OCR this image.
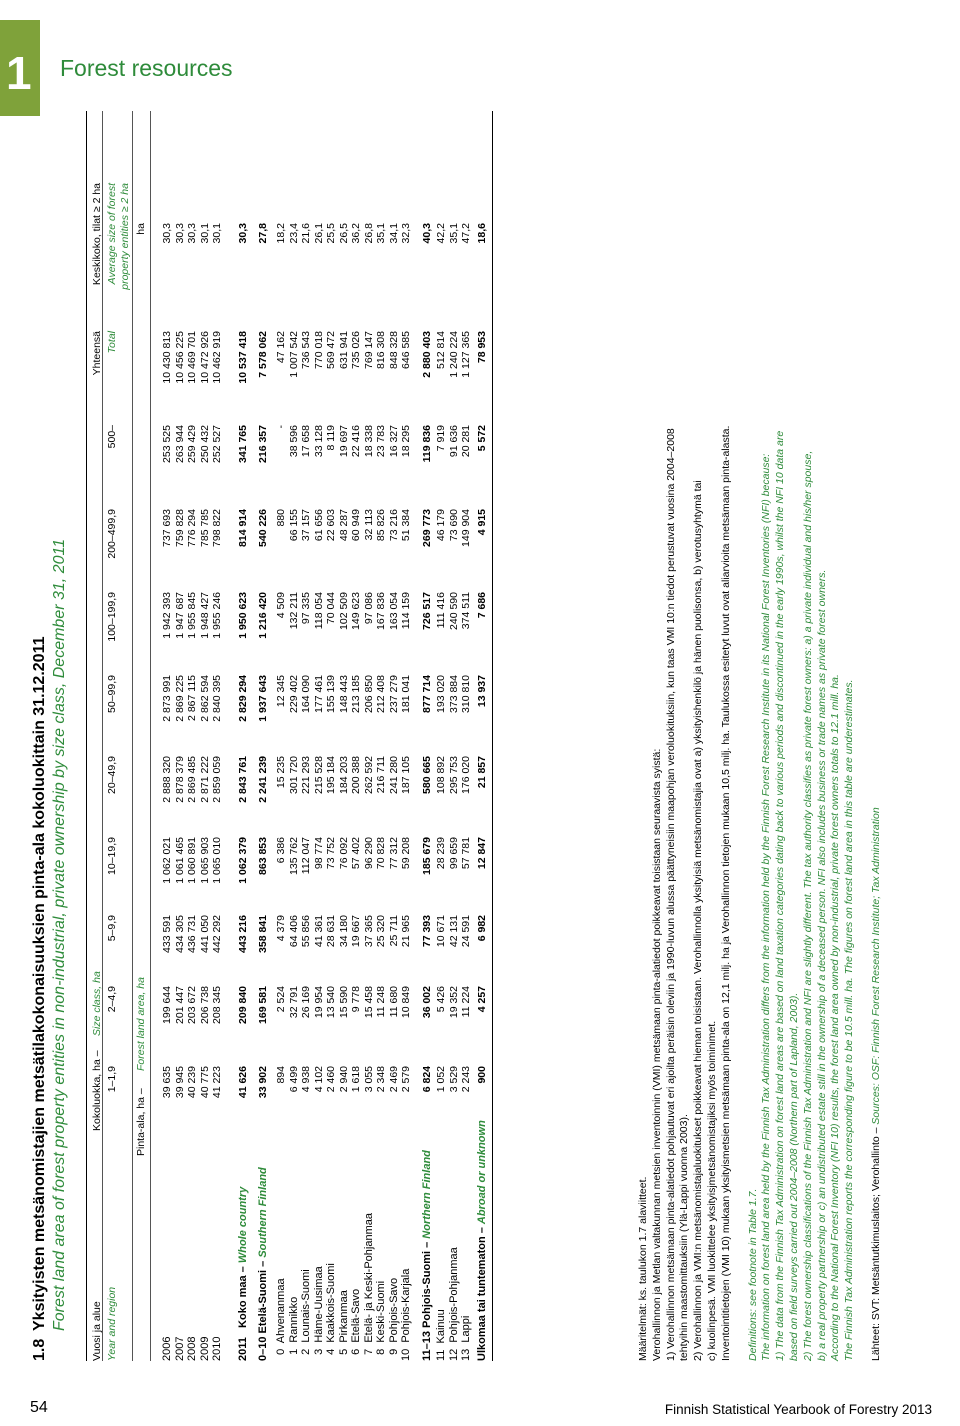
1 Forest resources
1.8
Yksityisten metsänomistajien metsätilakokonaisuuksien pinta-ala kokoluokittain 31.12.2011 Forest land area of forest property entities in non-industrial, private ownership by size class, December 31, 2011
Vuosi ja alue Year and region
Kokoluokka, ha –
Size class, ha
1–1,9
2–4,9
5–9,9
10–19,9
20–49,9
50–99,9
100–199,9
200–499,9
500–
Yhteensä Total
Keskikoko, tilat ≥ 2 ha Average size of forest property entities ≥ 2 ha
Pinta-ala, ha –
Forest land area, ha
ha
2006
39 635
199 644
433 591
1 062 021
2 888 320
2 873 991
1 942 393
737 693
253 525
10 430 813
30,3
2007
39 945
201 447
434 305
1 061 465
2 878 379
2 869 225
1 947 687
759 828
263 944
10 456 225
30,3
2008
40 239
203 672
436 731
1 060 891
2 869 485
2 867 115
1 955 845
776 294
259 429
10 469 701
30,3
2009
40 775
206 738
441 050
1 065 903
2 871 222
2 862 594
1 948 427
785 785
250 432
10 472 926
30,1
2010
41 223
208 345
442 292
1 065 010
2 859 059
2 840 395
1 955 246
798 822
252 527
10 462 919
30,1
2011   Koko maa – Whole country
41 626
209 840
443 216
1 062 379
2 843 761
2 829 294
1 950 623
814 914
341 765
10 537 418
30,3
0–10 Etelä-Suomi – Southern Finland
33 902
169 581
358 841
863 853
2 241 239
1 937 643
1 216 420
540 226
216 357
7 578 062
27,8
0  Ahvenanmaa
894
2 524
4 379
6 386
15 235
12 345
4 509
880
-
47 162
18,2
1  Rannikko
6 499
32 791
64 406
135 762
301 720
229 402
132 211
66 155
38 596
1 007 542
23,4
2  Lounais-Suomi
4 938
26 169
55 856
112 047
221 293
164 090
97 335
37 157
17 658
736 543
21,6
3  Häme-Uusimaa
4 102
19 954
41 361
98 774
215 528
177 461
118 054
61 656
33 128
770 018
26,1
4  Kaakkois-Suomi
2 460
13 540
28 631
73 752
195 184
155 139
70 044
22 603
8 119
569 472
25,5
5  Pirkanmaa
2 940
15 590
34 180
76 092
184 203
148 443
102 509
48 287
19 697
631 941
26,5
6  Etelä-Savo
1 618
9 778
19 667
57 402
200 388
213 185
149 623
60 949
22 416
735 026
36,2
7  Etelä- ja Keski-Pohjanmaa
3 055
15 458
37 365
96 290
262 592
206 850
97 086
32 113
18 338
769 147
26,8
8  Keski-Suomi
2 348
11 248
25 320
70 828
216 711
212 408
167 836
85 826
23 783
816 308
35,1
9  Pohjois-Savo
2 469
11 680
25 711
77 312
241 280
237 279
163 054
73 216
16 327
848 328
34,1
10  Pohjois-Karjala
2 579
10 849
21 965
59 208
187 105
181 041
114 159
51 384
18 295
646 585
32,3
11–13 Pohjois-Suomi – Northern Finland
6 824
36 002
77 393
185 679
580 665
877 714
726 517
269 773
119 836
2 880 403
40,3
11  Kainuu
1 052
5 426
10 671
28 239
108 892
193 020
111 416
46 179
7 919
512 814
42,2
12  Pohjois-Pohjanmaa
3 529
19 352
42 131
99 659
295 753
373 884
240 590
73 690
91 636
1 240 224
35,1
13  Lappi
2 243
11 224
24 591
57 781
176 020
310 810
374 511
149 904
20 281
1 127 365
47,2
Ulkomaa tai tuntematon – Abroad or unknown
900
4 257
6 982
12 847
21 857
13 937
7 686
4 915
5 572
78 953
18,6
Määritelmät: ks. taulukon 1.7 alaviitteet. Verohallinnon ja Metlan valtakunnan metsien inventoinnin (VMI) metsämaan pinta-alatiedot poikkeavat toisistaan seuraavista syistä: 1) Verohallinnon metsämaan pinta-alatiedot pohjautuvat eri ajoilta peräisin oleviin ja 1990-luvun alussa päättyneisiin maapohjan veroluokituksiin, kun taas VMI 10:n tiedot perustuvat vuosina 2004–2008 tehtyihin maastomittauksiin (Ylä-Lappi vuonna 2003). 2) Verohallinnon ja VMI:n metsänomistajaluokitukset poikkeavat hieman toisistaan. Verohallinnolla yksityisiä metsänomistajia ovat a) yksityishenkilö ja hänen puolisonsa, b) verotusyhtymä tai c) kuolinpesä. VMI luokittelee yksityisjmetsänomistajiksi myös toiminimet. Inventointitietojen (VMI 10) mukaan yksityismetsien metsämaan pinta-ala on 12,1 milj. ha ja Verohallinnon tietojen mukaan 10,5 milj. ha. Taulukossa esitetyt luvut ovat aliarvioita metsämaan pinta-alasta. Definitions: see footnote in Table 1.7. The information on forest land area held by the Finnish Tax Administration differs from the information held by the Finnish Forest Research Institute in its National Forest Inventories (NFI) because: 1) The data from the Finnish Tax Administration on forest land areas are based on land taxation categories dating back to various periods and discontinued in the early 1990s, whilst the NFI 10 data are based on field surveys carried out 2004–2008 (Northern part of Lapland, 2003). 2) The forest ownership classifications of the Finnish Tax Administration and NFI are slightly different. The tax authority classifies as private forest owners: a) a private individual and his/her spouse, b) a real property partnership or c) an undistributed estate still in the ownership of a deceased person. NFI also includes business or trade names as private forest owners. According to the National Forest Inventory (NFI 10) results, the forest land area owned by non-industrial, private forest owners totals to 12.1 mill. ha. The Finnish Tax Administration reports the corresponding figure to be 10.5 mill. ha. The figures on forest land area in this table are underestimates. Lähteet: SVT: Metsäntutkimuslaitos; Verohallinto – Sources: OSF: Finnish Forest Research Institute; Tax Administration
54	Finnish Statistical Yearbook of Forestry 2013
